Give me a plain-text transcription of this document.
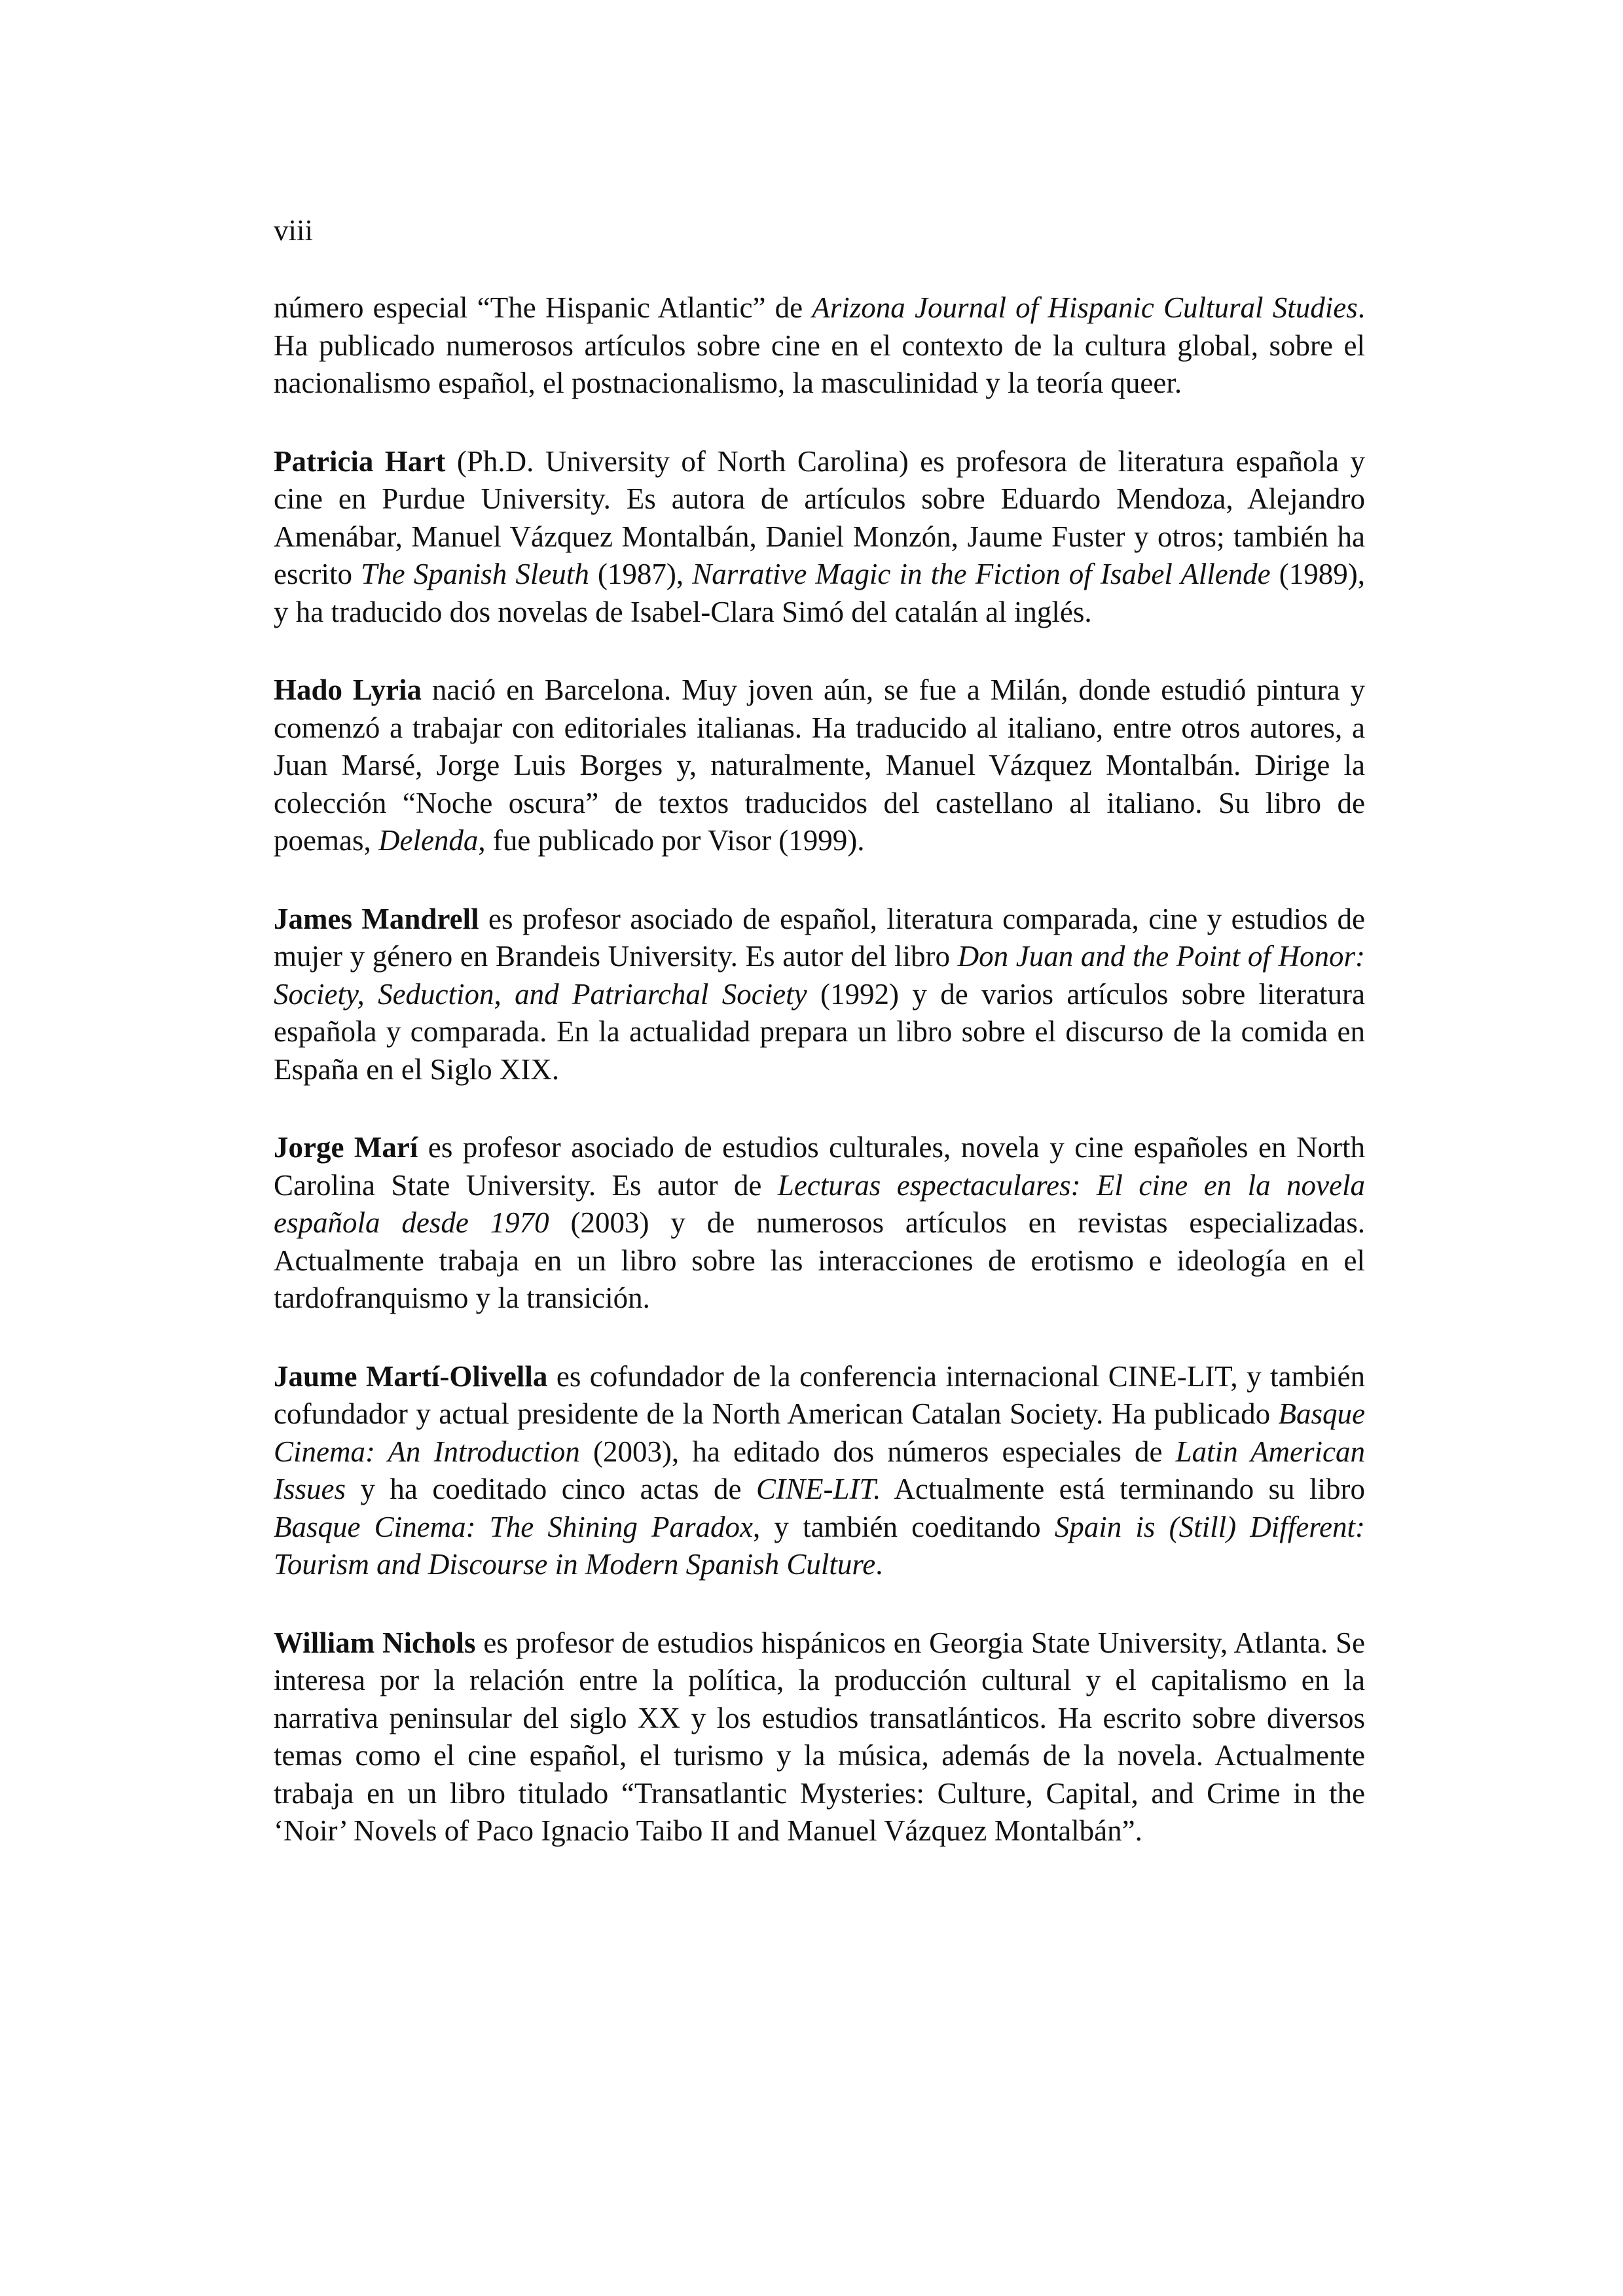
viii

número especial “The Hispanic Atlantic” de Arizona Journal of Hispanic Cultural Studies. Ha publicado numerosos artículos sobre cine en el contexto de la cultura global, sobre el nacionalismo español, el postnacionalismo, la masculinidad y la teoría queer.

Patricia Hart (Ph.D. University of North Carolina) es profesora de literatura española y cine en Purdue University. Es autora de artículos sobre Eduardo Mendoza, Alejandro Amenábar, Manuel Vázquez Montalbán, Daniel Monzón, Jaume Fuster y otros; también ha escrito The Spanish Sleuth (1987), Narrative Magic in the Fiction of Isabel Allende (1989), y ha traducido dos novelas de Isabel-Clara Simó del catalán al inglés.

Hado Lyria nació en Barcelona. Muy joven aún, se fue a Milán, donde estudió pintura y comenzó a trabajar con editoriales italianas. Ha traducido al italiano, entre otros autores, a Juan Marsé, Jorge Luis Borges y, naturalmente, Manuel Vázquez Montalbán. Dirige la colección “Noche oscura” de textos traducidos del castellano al italiano. Su libro de poemas, Delenda, fue publicado por Visor (1999).

James Mandrell es profesor asociado de español, literatura comparada, cine y estudios de mujer y género en Brandeis University. Es autor del libro Don Juan and the Point of Honor: Society, Seduction, and Patriarchal Society (1992) y de varios artículos sobre literatura española y comparada. En la actualidad prepara un libro sobre el discurso de la comida en España en el Siglo XIX.

Jorge Marí es profesor asociado de estudios culturales, novela y cine españoles en North Carolina State University. Es autor de Lecturas espectaculares: El cine en la novela española desde 1970 (2003) y de numerosos artículos en revistas especializadas. Actualmente trabaja en un libro sobre las interacciones de erotismo e ideología en el tardofranquismo y la transición.

Jaume Martí-Olivella es cofundador de la conferencia internacional CINE-LIT, y también cofundador y actual presidente de la North American Catalan Society. Ha publicado Basque Cinema: An Introduction (2003), ha editado dos números especiales de Latin American Issues y ha coeditado cinco actas de CINE-LIT. Actualmente está terminando su libro Basque Cinema: The Shining Paradox, y también coeditando Spain is (Still) Different: Tourism and Discourse in Modern Spanish Culture.

William Nichols es profesor de estudios hispánicos en Georgia State University, Atlanta. Se interesa por la relación entre la política, la producción cultural y el capitalismo en la narrativa peninsular del siglo XX y los estudios transatlánticos. Ha escrito sobre diversos temas como el cine español, el turismo y la música, además de la novela. Actualmente trabaja en un libro titulado “Transatlantic Mysteries: Culture, Capital, and Crime in the ‘Noir’ Novels of Paco Ignacio Taibo II and Manuel Vázquez Montalbán”.
